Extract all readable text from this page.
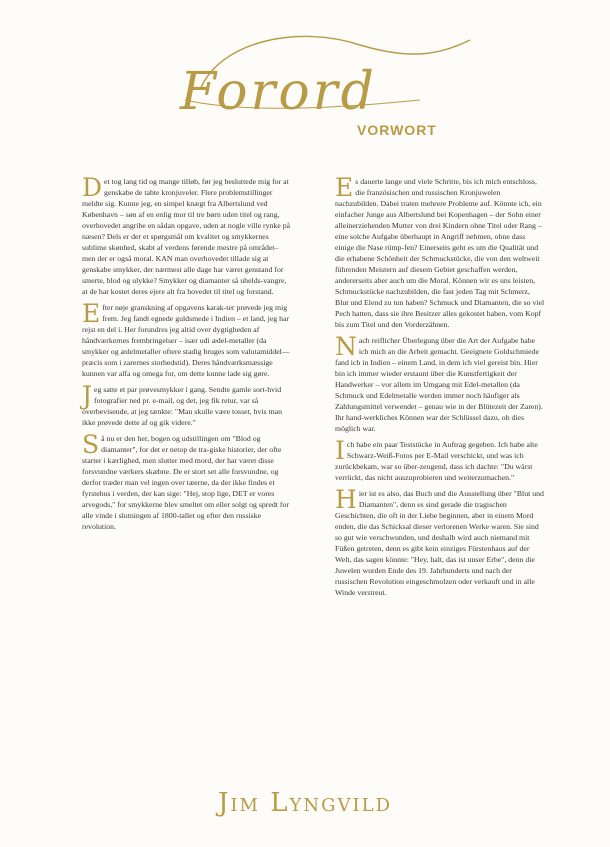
Forord
VORWORT

Det tog lang tid og mange tilløb, før jeg besluttede mig for at genskabe de tabte kronjuveler. Flere problemstillinger meldte sig. Kunne jeg, en simpel knægt fra Albertslund ved København – søn af en enlig mor til tre børn uden titel og rang, overhovedet angribe en sådan opgave, uden at nogle ville rynke på næsen? Dels er der et spørgsmål om kvalitet og smykkernes sublime skønhed, skabt af verdens førende mestre på området– men der er også moral. KAN man overhovedet tillade sig at genskabe smykker, der nærmest alle dage har været genstand for smerte, blod og ulykke? Smykker og diamanter så uhelds-vangre, at de har kostet deres ejere alt fra hovedet til titel og forstand.

Efter nøje granskning af opgavens karak-ter prøvede jeg mig frem. Jeg fandt egnede guldsmede i Indien – et land, jeg har rejst en del i. Her forundres jeg altid over dygtigheden af håndværkernes frembringelser – især udi ædel-metaller (da smykker og ædelmetaller oftere stadig bruges som valutamiddel—præcis som i zarernes storhedstid). Deres håndværksmæssige kunnen var alfa og omega for, om dette kunne lade sig gøre.

Jeg satte et par prøvesmykker i gang. Sendte gamle sort-hvid fotografier ned pr. e-mail, og det, jeg fik retur, var så overbevisende, at jeg tænkte: "Man skulle være tosset, hvis man ikke prøvede dette af og gik videre."

Så nu er den her, bogen og udstillingen om "Blod og diamanter", for det er netop de tra-giske historier, der ofte starter i kærlighed, men slutter med mord, der har været disse forsvundne værkers skæbne. De er stort set alle forsvundne, og derfor træder man vel ingen over tæerne, da der ikke findes et fyrstehus i verden, der kan sige: "Hej, stop lige, DET er vores arvegods," for smykkerne blev smeltet om eller solgt og spredt for alle vinde i slutningen af 1800-tallet og efter den russiske revolution.

Es dauerte lange und viele Schritte, bis ich mich entschloss, die französischen und russischen Kronjuwelen nachzubilden. Dabei traten mehrere Probleme auf. Könnte ich, ein einfacher Junge aus Albertslund bei Kopenhagen – der Sohn einer alleinerziehenden Mutter von drei Kindern ohne Titel oder Rang – eine solche Aufgabe überhaupt in Angriff nehmen, ohne dass einige die Nase rümp-fen? Einerseits geht es um die Qualität und die erhabene Schönheit der Schmuckstücke, die von den weltweit führenden Meistern auf diesem Gebiet geschaffen werden, andererseits aber auch um die Moral. Können wir es uns leisten, Schmuckstücke nachzubilden, die fast jeden Tag mit Schmerz, Blut und Elend zu tun haben? Schmuck und Diamanten, die so viel Pech hatten, dass sie ihre Besitzer alles gekostet haben, vom Kopf bis zum Titel und den Vorderzähnen.

Nach reiflicher Überlegung über die Art der Aufgabe habe ich mich an die Arbeit gemacht. Geeignete Goldschmiede fand ich in Indien – einem Land, in dem ich viel gereist bin. Hier bin ich immer wieder erstaunt über die Kunstfertigkeit der Handwerker – vor allem im Umgang mit Edel-metallen (da Schmuck und Edelmetalle werden immer noch häufiger als Zahlungsmittel verwendet – genau wie in der Blütezeit der Zaren). Ihr hand-werkliches Können war der Schlüssel dazu, ob dies möglich war.

Ich habe ein paar Teststücke in Auftrag gegeben. Ich habe alte Schwarz-Weiß-Fotos per E-Mail verschickt, und was ich zurückbekam, war so über-zeugend, dass ich dachte: "Du wärst verrückt, das nicht auszuprobieren und weiterzumachen."

Hier ist es also, das Buch und die Ausstellung über "Blut und Diamanten", denn es sind gerade die tragischen Geschichten, die oft in der Liebe beginnen, aber in einem Mord enden, die das Schicksal dieser verlorenen Werke waren. Sie sind so gut wie verschwunden, und deshalb wird auch niemand mit Füßen getreten, denn es gibt kein einziges Fürstenhaus auf der Welt, das sagen könnte: "Hey, halt, das ist unser Erbe", denn die Juwelen wurden Ende des 19. Jahrhunderts und nach der russischen Revolution eingeschmolzen oder verkauft und in alle Winde verstreut.

Jim Lyngvild
